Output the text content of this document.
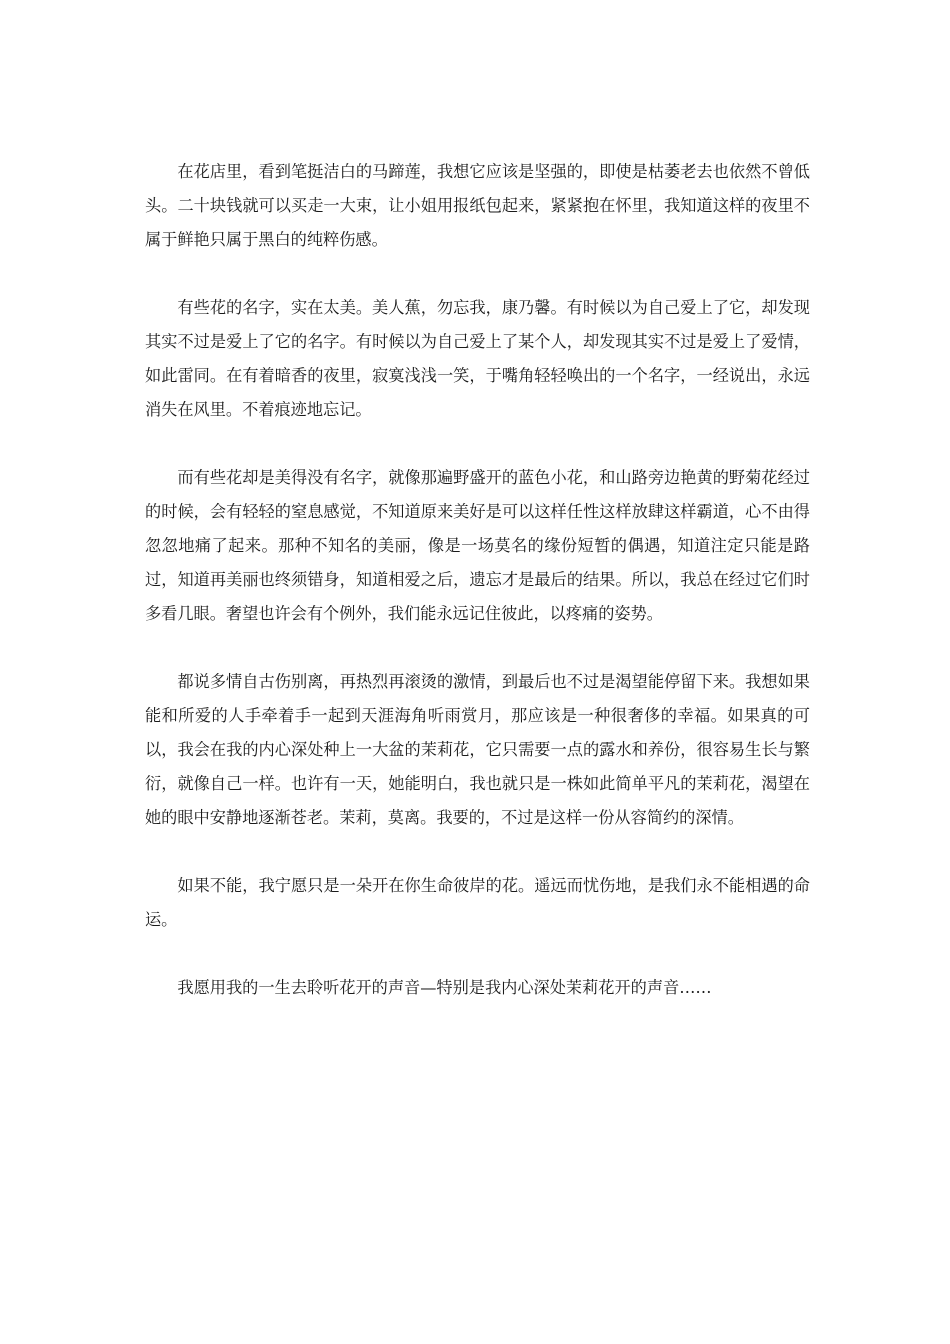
在花店里，看到笔挺洁白的马蹄莲，我想它应该是坚强的，即使是枯萎老去也依然不曾低头。二十块钱就可以买走一大束，让小姐用报纸包起来，紧紧抱在怀里，我知道这样的夜里不属于鲜艳只属于黑白的纯粹伤感。

有些花的名字，实在太美。美人蕉，勿忘我，康乃馨。有时候以为自己爱上了它，却发现其实不过是爱上了它的名字。有时候以为自己爱上了某个人，却发现其实不过是爱上了爱情，如此雷同。在有着暗香的夜里，寂寞浅浅一笑，于嘴角轻轻唤出的一个名字，一经说出，永远消失在风里。不着痕迹地忘记。

而有些花却是美得没有名字，就像那遍野盛开的蓝色小花，和山路旁边艳黄的野菊花经过的时候，会有轻轻的窒息感觉，不知道原来美好是可以这样任性这样放肆这样霸道，心不由得忽忽地痛了起来。那种不知名的美丽，像是一场莫名的缘份短暂的偶遇，知道注定只能是路过，知道再美丽也终须错身，知道相爱之后，遗忘才是最后的结果。所以，我总在经过它们时多看几眼。奢望也许会有个例外，我们能永远记住彼此，以疼痛的姿势。

都说多情自古伤别离，再热烈再滚烫的激情，到最后也不过是渴望能停留下来。我想如果能和所爱的人手牵着手一起到天涯海角听雨赏月，那应该是一种很奢侈的幸福。如果真的可以，我会在我的内心深处种上一大盆的茉莉花，它只需要一点的露水和养份，很容易生长与繁衍，就像自己一样。也许有一天，她能明白，我也就只是一株如此简单平凡的茉莉花，渴望在她的眼中安静地逐渐苍老。茉莉，莫离。我要的，不过是这样一份从容简约的深情。

如果不能，我宁愿只是一朵开在你生命彼岸的花。遥远而忧伤地，是我们永不能相遇的命运。

我愿用我的一生去聆听花开的声音—特别是我内心深处茉莉花开的声音……
